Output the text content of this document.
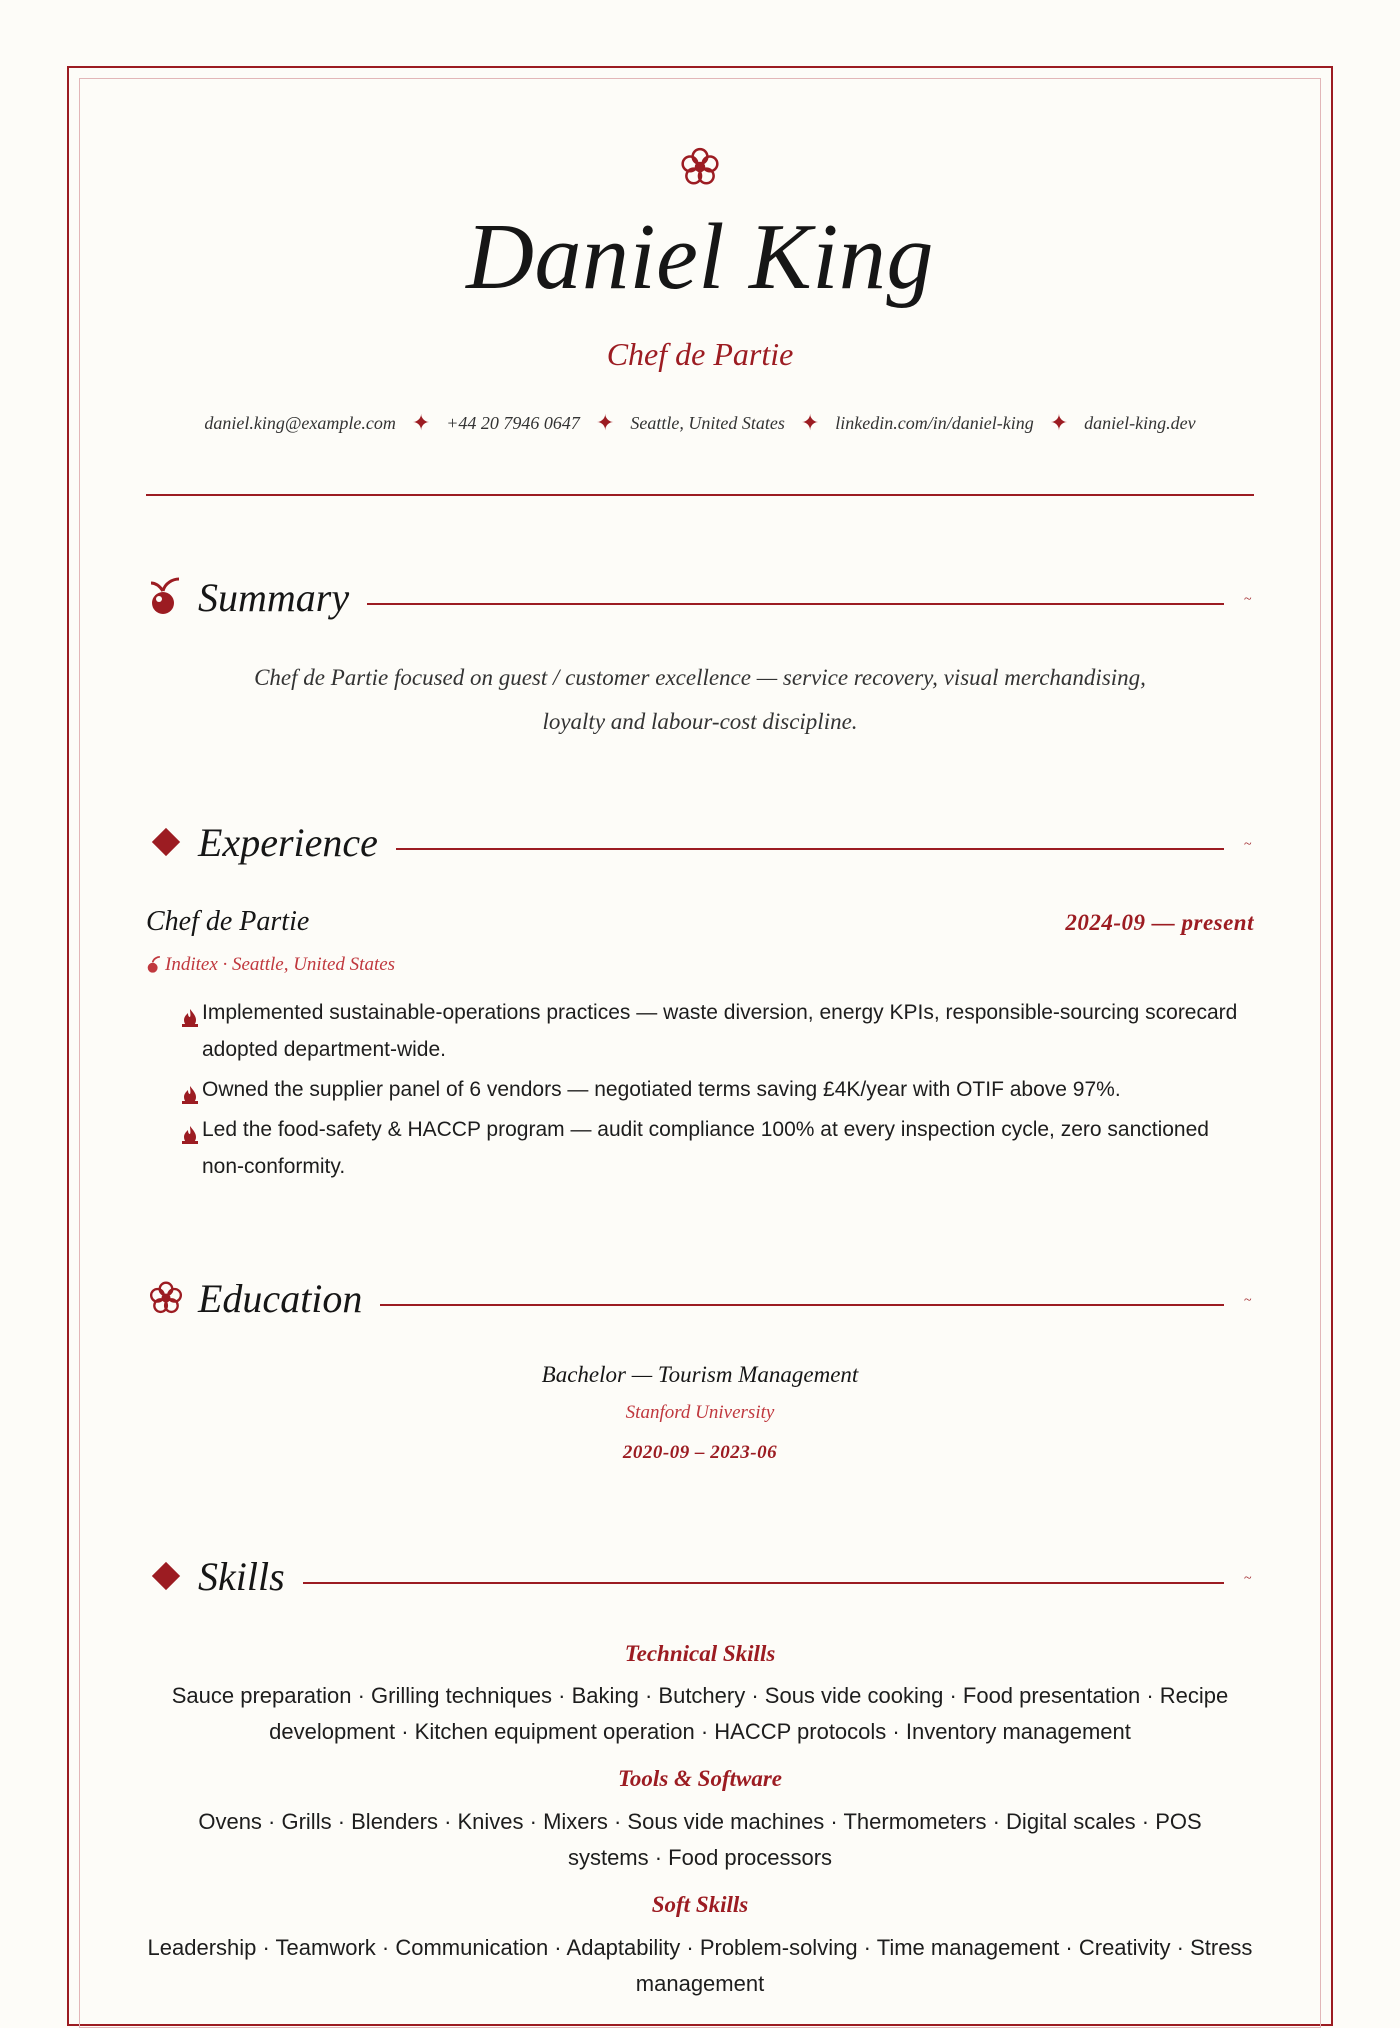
Daniel King
Chef de Partie
daniel.king@example.com ✦ +44 20 7946 0647 ✦ Seattle, United States ✦ linkedin.com/in/daniel-king ✦ daniel-king.dev
Summary	~
Chef de Partie focused on guest / customer excellence — service recovery, visual merchandising, loyalty and labour-cost discipline.
Experience	~
Chef de Partie	2024-09 — present
Inditex · Seattle, United States
Implemented sustainable-operations practices — waste diversion, energy KPIs, responsible-sourcing scorecard adopted department-wide.
Owned the supplier panel of 6 vendors — negotiated terms saving £4K/year with OTIF above 97%.
Led the food-safety & HACCP program — audit compliance 100% at every inspection cycle, zero sanctioned non-conformity.
Education	~
Bachelor — Tourism Management
Stanford University
2020-09 – 2023-06
Skills	~
Technical Skills
Sauce preparation · Grilling techniques · Baking · Butchery · Sous vide cooking · Food presentation · Recipe development · Kitchen equipment operation · HACCP protocols · Inventory management
Tools & Software
Ovens · Grills · Blenders · Knives · Mixers · Sous vide machines · Thermometers · Digital scales · POS systems · Food processors
Soft Skills
Leadership · Teamwork · Communication · Adaptability · Problem-solving · Time management · Creativity · Stress management
